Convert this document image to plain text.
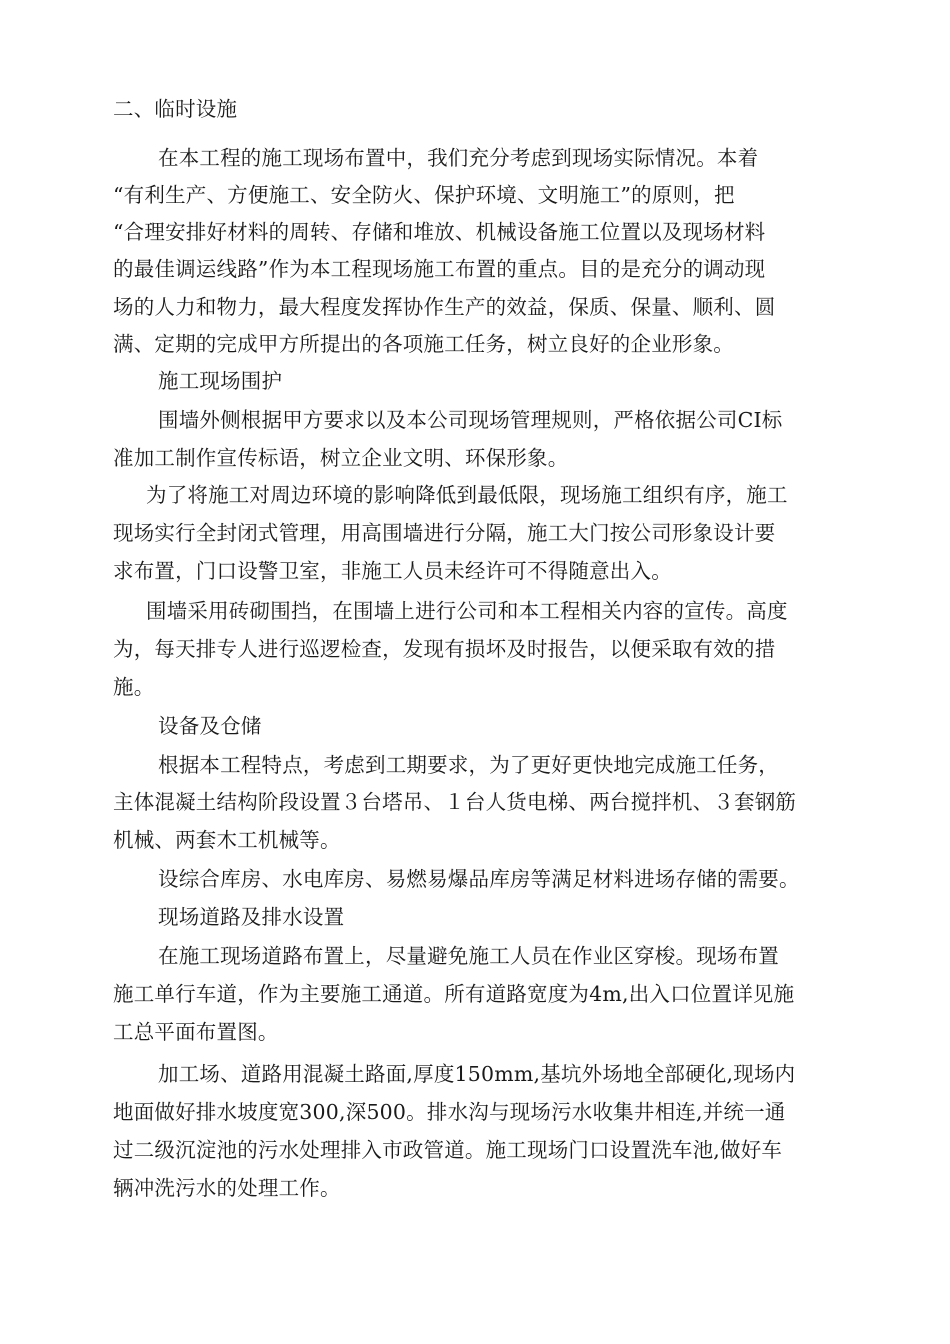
二、临时设施
在本工程的施工现场布置中，我们充分考虑到现场实际情况。本着
“有利生产、方便施工、安全防火、保护环境、文明施工”的原则，把
“合理安排好材料的周转、存储和堆放、机械设备施工位置以及现场材料
的最佳调运线路”作为本工程现场施工布置的重点。目的是充分的调动现
场的人力和物力，最大程度发挥协作生产的效益，保质、保量、顺利、圆
满、定期的完成甲方所提出的各项施工任务，树立良好的企业形象。
施工现场围护
围墙外侧根据甲方要求以及本公司现场管理规则，严格依据公司CI标
准加工制作宣传标语，树立企业文明、环保形象。
为了将施工对周边环境的影响降低到最低限，现场施工组织有序，施工
现场实行全封闭式管理，用高围墙进行分隔，施工大门按公司形象设计要
求布置，门口设警卫室，非施工人员未经许可不得随意出入。
围墙采用砖砌围挡，在围墙上进行公司和本工程相关内容的宣传。高度
为，每天排专人进行巡逻检查，发现有损坏及时报告，以便采取有效的措
施。
设备及仓储
根据本工程特点，考虑到工期要求，为了更好更快地完成施工任务，
主体混凝土结构阶段设置３台塔吊、１台人货电梯、两台搅拌机、３套钢筋
机械、两套木工机械等。
设综合库房、水电库房、易燃易爆品库房等满足材料进场存储的需要。
现场道路及排水设置
在施工现场道路布置上，尽量避免施工人员在作业区穿梭。现场布置
施工单行车道，作为主要施工通道。所有道路宽度为4m,出入口位置详见施
工总平面布置图。
加工场、道路用混凝土路面,厚度150mm,基坑外场地全部硬化,现场内
地面做好排水坡度宽300,深500。排水沟与现场污水收集井相连,并统一通
过二级沉淀池的污水处理排入市政管道。施工现场门口设置洗车池,做好车
辆冲洗污水的处理工作。
